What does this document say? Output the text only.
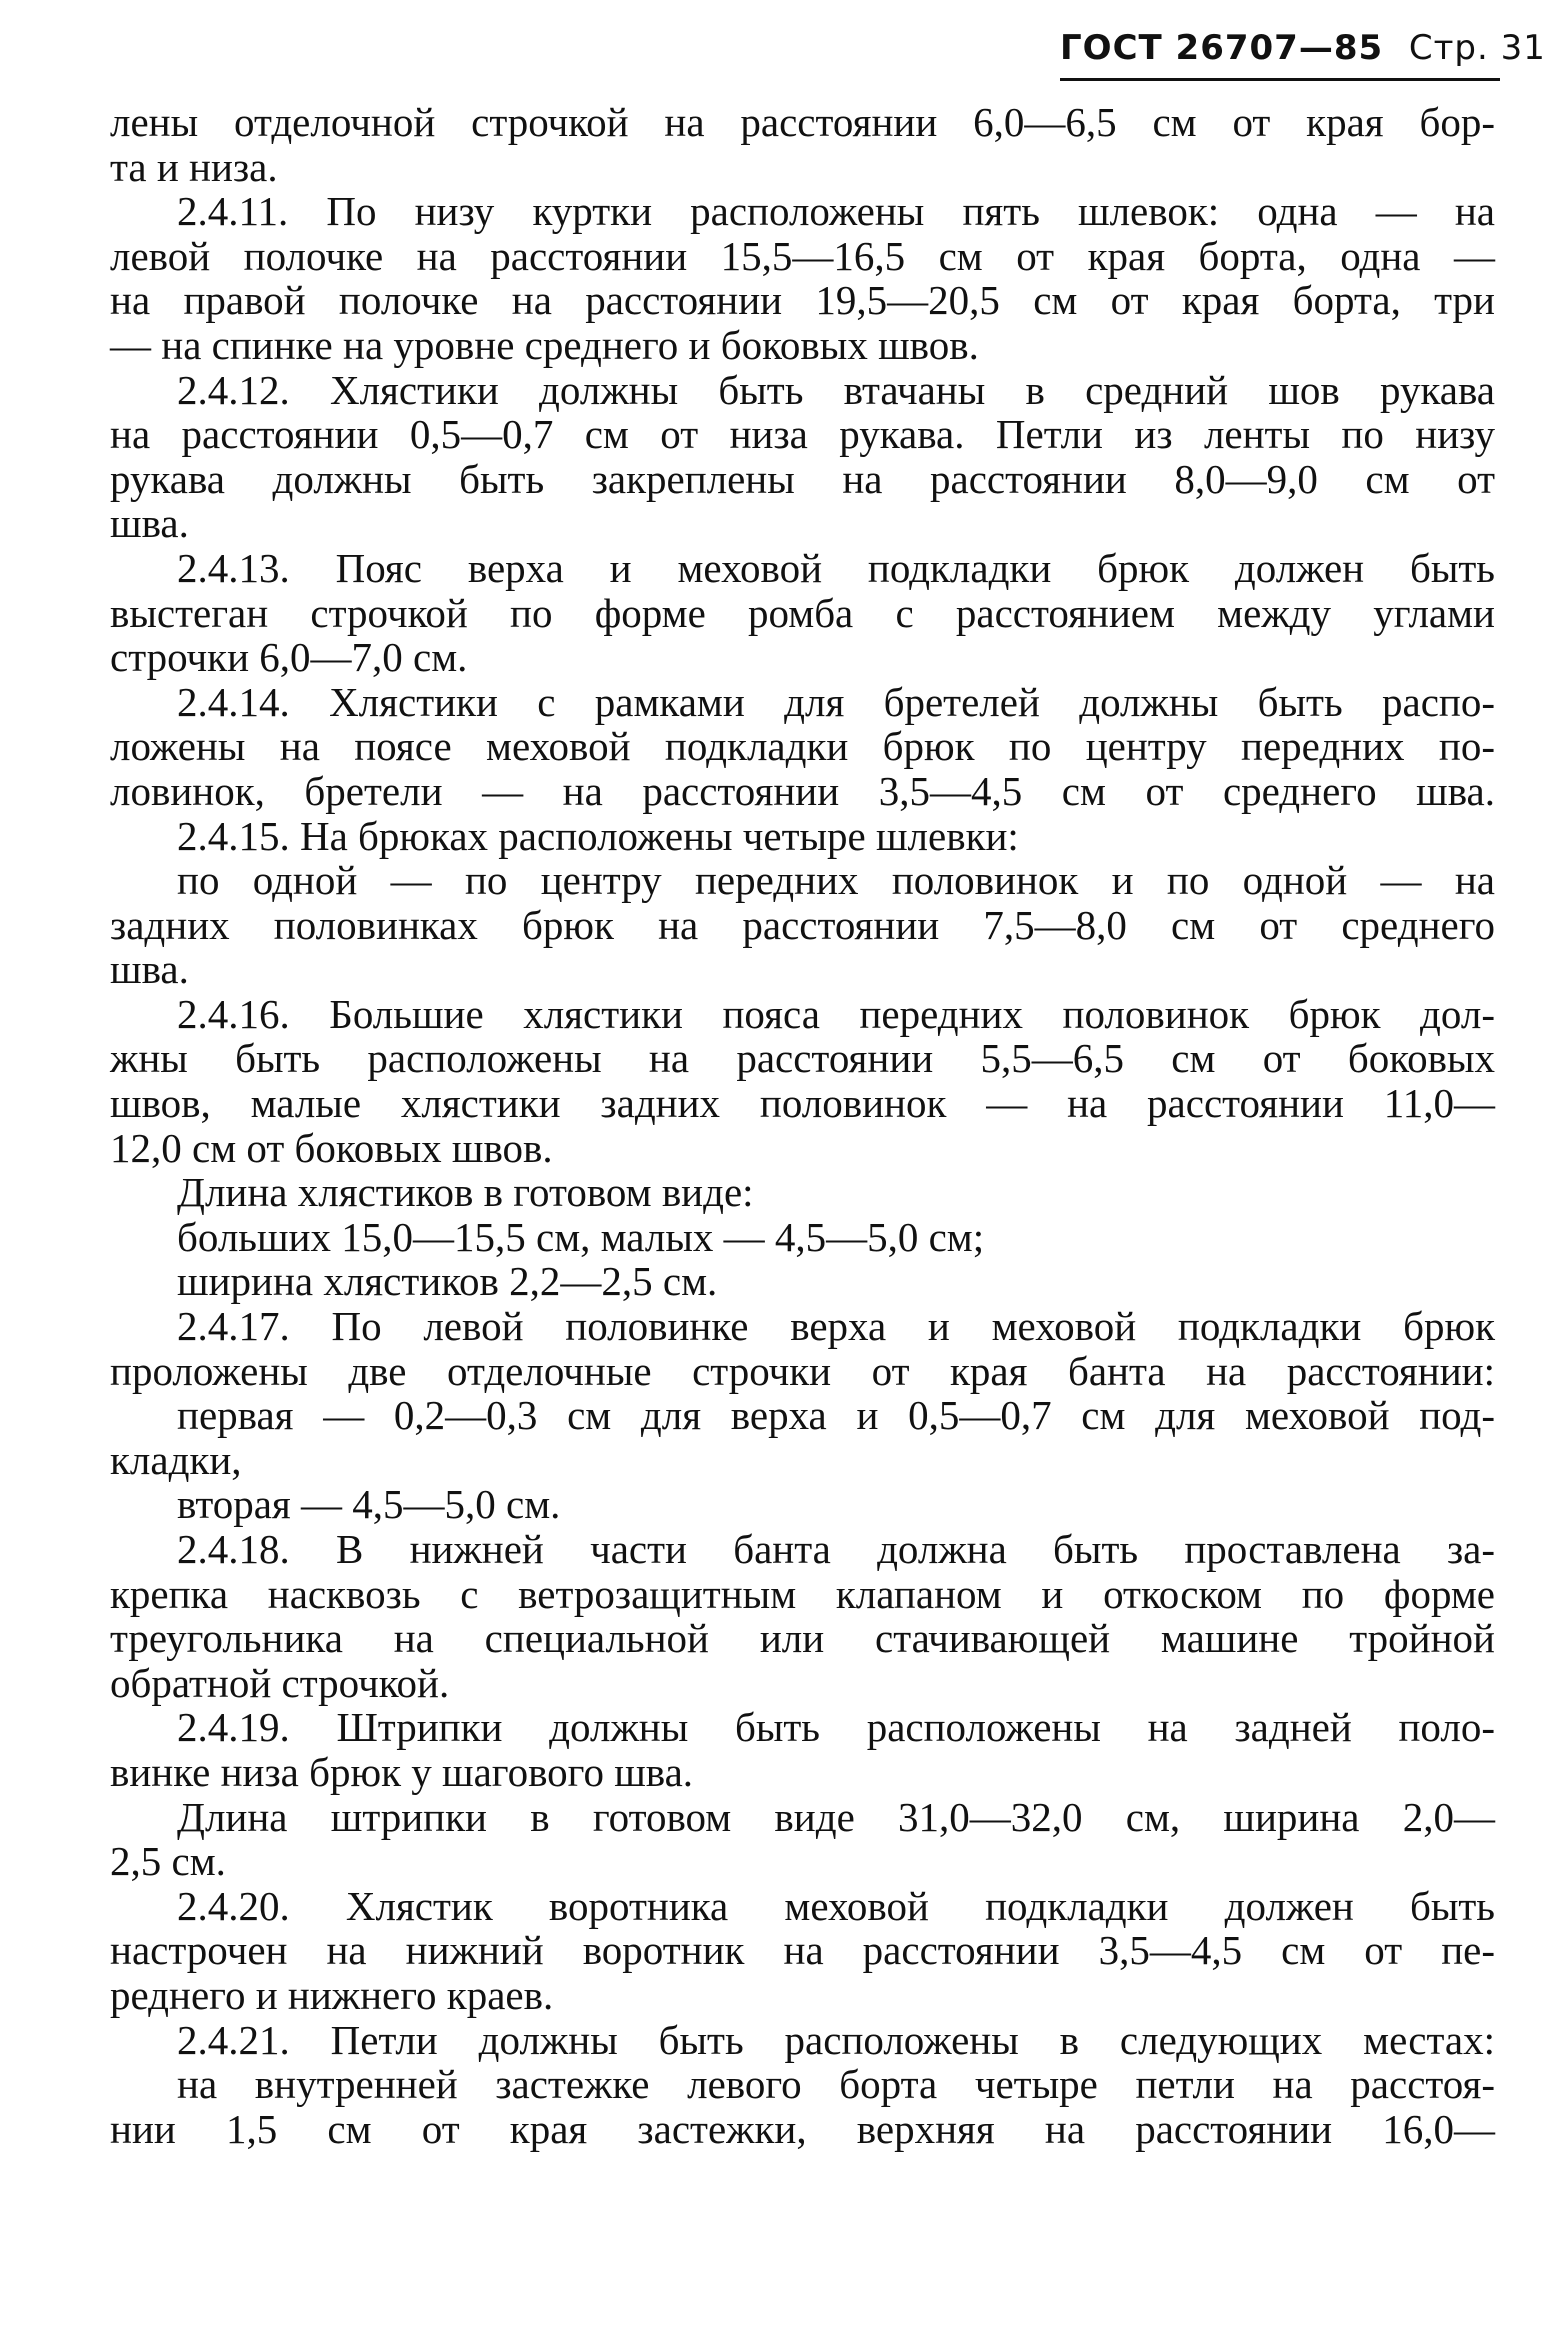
ГОСТ 26707—85 Стр. 31
лены отделочной строчкой на расстоянии 6,0—6,5 см от края бор-
та и низа.
2.4.11. По низу куртки расположены пять шлевок: одна — на
левой полочке на расстоянии 15,5—16,5 см от края борта, одна —
на правой полочке на расстоянии 19,5—20,5 см от края борта, три
— на спинке на уровне среднего и боковых швов.
2.4.12. Хлястики должны быть втачаны в средний шов рукава
на расстоянии 0,5—0,7 см от низа рукава. Петли из ленты по низу
рукава должны быть закреплены на расстоянии 8,0—9,0 см от
шва.
2.4.13. Пояс верха и меховой подкладки брюк должен быть
выстеган строчкой по форме ромба с расстоянием между углами
строчки 6,0—7,0 см.
2.4.14. Хлястики с рамками для бретелей должны быть распо-
ложены на поясе меховой подкладки брюк по центру передних по-
ловинок, бретели — на расстоянии 3,5—4,5 см от среднего шва.
2.4.15. На брюках расположены четыре шлевки:
по одной — по центру передних половинок и по одной — на
задних половинках брюк на расстоянии 7,5—8,0 см от среднего
шва.
2.4.16. Большие хлястики пояса передних половинок брюк дол-
жны быть расположены на расстоянии 5,5—6,5 см от боковых
швов, малые хлястики задних половинок — на расстоянии 11,0—
12,0 см от боковых швов.
Длина хлястиков в готовом виде:
больших 15,0—15,5 см, малых — 4,5—5,0 см;
ширина хлястиков 2,2—2,5 см.
2.4.17. По левой половинке верха и меховой подкладки брюк
проложены две отделочные строчки от края банта на расстоянии:
первая — 0,2—0,3 см для верха и 0,5—0,7 см для меховой под-
кладки,
вторая — 4,5—5,0 см.
2.4.18. В нижней части банта должна быть проставлена за-
крепка насквозь с ветрозащитным клапаном и откоском по форме
треугольника на специальной или стачивающей машине тройной
обратной строчкой.
2.4.19. Штрипки должны быть расположены на задней поло-
винке низа брюк у шагового шва.
Длина штрипки в готовом виде 31,0—32,0 см, ширина 2,0—
2,5 см.
2.4.20. Хлястик воротника меховой подкладки должен быть
настрочен на нижний воротник на расстоянии 3,5—4,5 см от пе-
реднего и нижнего краев.
2.4.21. Петли должны быть расположены в следующих местах:
на внутренней застежке левого борта четыре петли на расстоя-
нии 1,5 см от края застежки, верхняя на расстоянии 16,0—
